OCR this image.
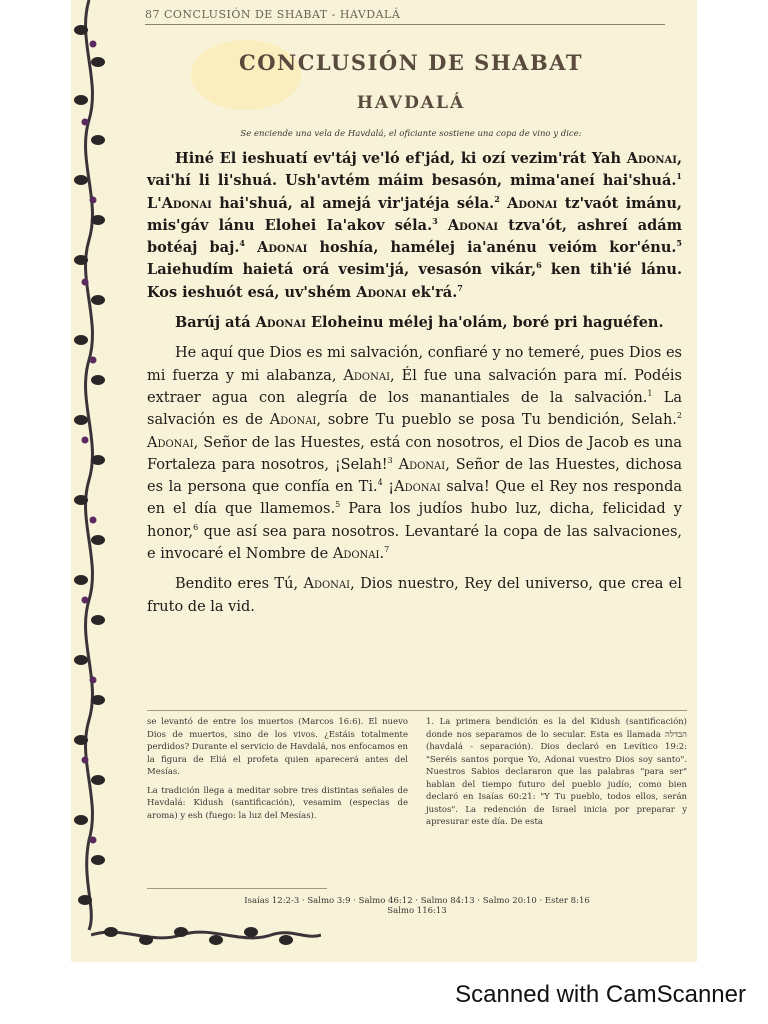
87 CONCLUSIÓN DE SHABAT - HAVDALÁ
CONCLUSIÓN DE SHABAT
HAVDALÁ
Se enciende una vela de Havdalá, el oficiante sostiene una copa de vino y dice:

Hiné El ieshuatí ev'táj ve'ló ef'jád, ki ozí vezim'rát Yah Adonai, vai'hí li li'shuá. Ush'avtém máim besasón, mima'aneí hai'shuá.$^1$ L'Adonai hai'shuá, al amejá vir'jatéja séla.$^2$ Adonai tz'vaót imánu, mis'gáv lánu Elohei Ia'akov séla.$^3$ Adonai tzva'ót, ashreí adám botéaj baj.$^4$ Adonai hoshía, hamélej ia'anénu veióm kor'énu.$^5$ Laiehudím haietá orá vesim'já, vesasón vikár,$^6$ ken tih'ié lánu. Kos ieshuót esá, uv'shém Adonai ek'rá.$^7$

Barúj atá Adonai Eloheinu mélej ha'olám, boré pri haguéfen.

He aquí que Dios es mi salvación, confiaré y no temeré, pues Dios es mi fuerza y mi alabanza, Adonai, Él fue una salvación para mí. Podéis extraer agua con alegría de los manantiales de la salvación.$^1$ La salvación es de Adonai, sobre Tu pueblo se posa Tu bendición, Selah.$^2$ Adonai, Señor de las Huestes, está con nosotros, el Dios de Jacob es una Fortaleza para nosotros, ¡Selah!$^3$ Adonai, Señor de las Huestes, dichosa es la persona que confía en Ti.$^4$ ¡Adonai salva! Que el Rey nos responda en el día que llamemos.$^5$ Para los judíos hubo luz, dicha, felicidad y honor,$^6$ que así sea para nosotros. Levantaré la copa de las salvaciones, e invocaré el Nombre de Adonai.$^7$

Bendito eres Tú, Adonai, Dios nuestro, Rey del universo, que crea el fruto de la vid.

se levantó de entre los muertos (Marcos 16:6). El nuevo Dios de muertos, sino de los vivos. ¿Estáis totalmente perdidos? Durante el servicio de Havdalá, nos enfocamos en la figura de Eliá el profeta quien aparecerá antes del Mesías.

La tradición llega a meditar sobre tres distintas señales de Havdalá: Kidush (santificación), vesamim (especias de aroma) y esh (fuego: la luz del Mesías).

1. La primera bendición es la del Kidush (santificación) donde nos separamos de lo secular. Esta es llamada הבדלה (havdalá - separación). Dios declaró en Levítico 19:2: "Seréis santos porque Yo, Adonai vuestro Dios soy santo". Nuestros Sabios declararon que las palabras "para ser" hablan del tiempo futuro del pueblo judío, como bien declaró en Isaías 60:21: "Y Tu pueblo, todos ellos, serán justos". La redención de Israel inicia por preparar y apresurar este día. De esta

Isaías 12:2-3 · Salmo 3:9 · Salmo 46:12 · Salmo 84:13 · Salmo 20:10 · Ester 8:16
Salmo 116:13
Scanned with CamScanner
